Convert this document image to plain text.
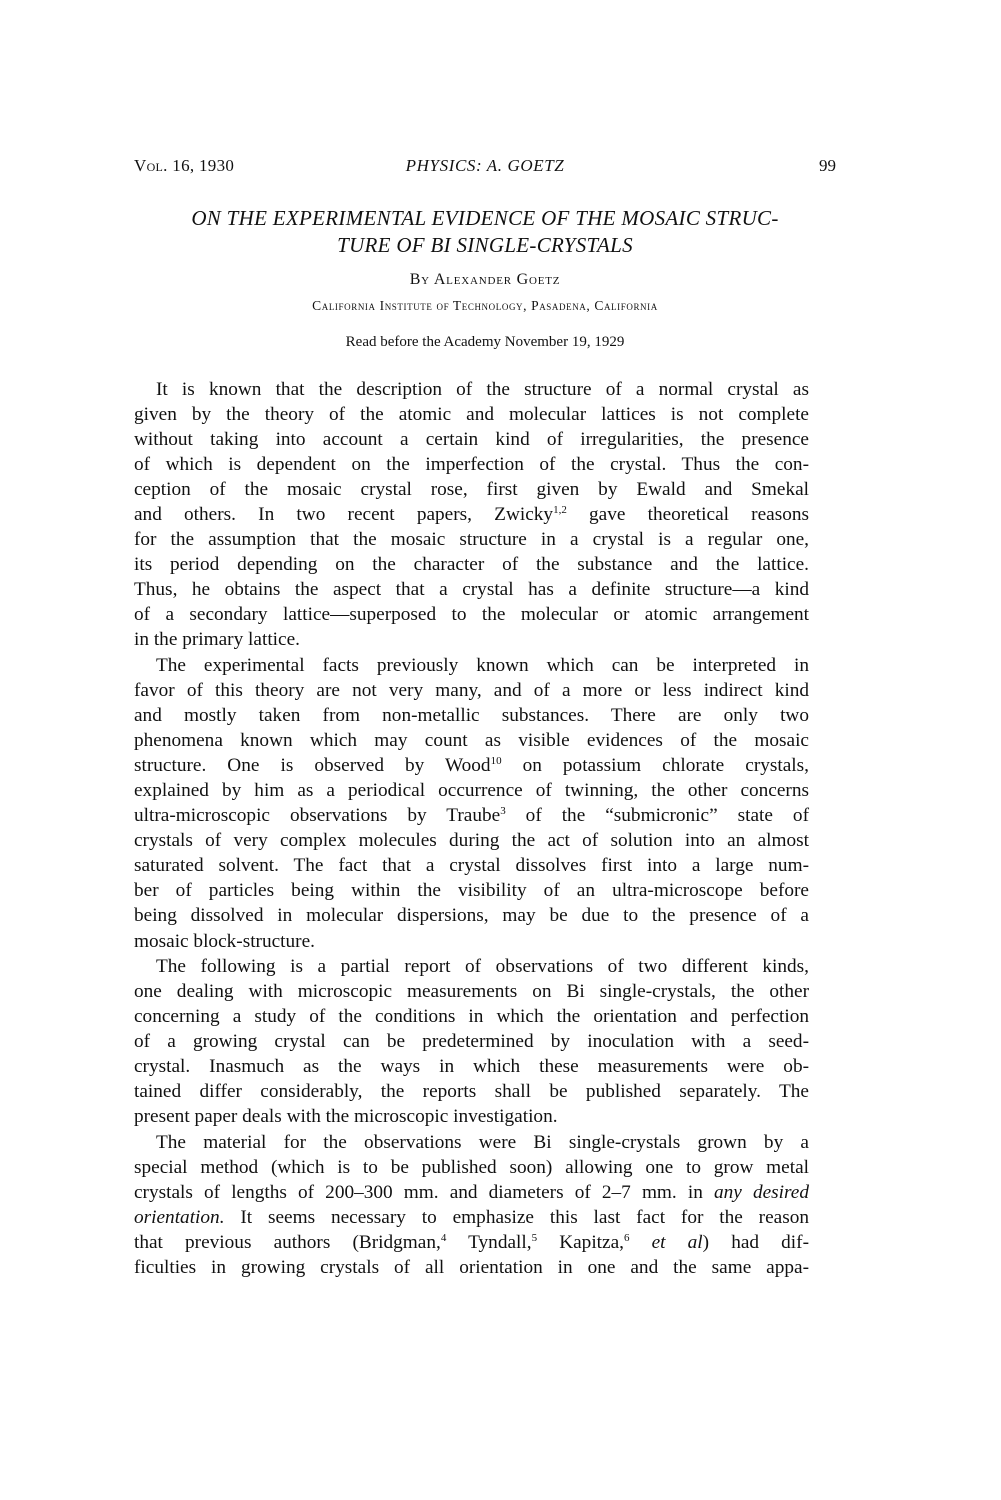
Vol. 16, 1930	PHYSICS: A. GOETZ	99
ON THE EXPERIMENTAL EVIDENCE OF THE MOSAIC STRUC-
TURE OF BI SINGLE-CRYSTALS
By Alexander Goetz
California Institute of Technology, Pasadena, California
Read before the Academy November 19, 1929

It is known that the description of the structure of a normal crystal as
given by the theory of the atomic and molecular lattices is not complete
without taking into account a certain kind of irregularities, the presence
of which is dependent on the imperfection of the crystal. Thus the con-
ception of the mosaic crystal rose, first given by Ewald and Smekal
and others. In two recent papers, Zwicky$^{1,2}$ gave theoretical reasons
for the assumption that the mosaic structure in a crystal is a regular one,
its period depending on the character of the substance and the lattice.
Thus, he obtains the aspect that a crystal has a definite structure—a kind
of a secondary lattice—superposed to the molecular or atomic arrangement
in the primary lattice.

The experimental facts previously known which can be interpreted in
favor of this theory are not very many, and of a more or less indirect kind
and mostly taken from non-metallic substances. There are only two
phenomena known which may count as visible evidences of the mosaic
structure. One is observed by Wood$^{10}$ on potassium chlorate crystals,
explained by him as a periodical occurrence of twinning, the other concerns
ultra-microscopic observations by Traube$^3$ of the “submicronic” state of
crystals of very complex molecules during the act of solution into an almost
saturated solvent. The fact that a crystal dissolves first into a large num-
ber of particles being within the visibility of an ultra-microscope before
being dissolved in molecular dispersions, may be due to the presence of a
mosaic block-structure.

The following is a partial report of observations of two different kinds,
one dealing with microscopic measurements on Bi single-crystals, the other
concerning a study of the conditions in which the orientation and perfection
of a growing crystal can be predetermined by inoculation with a seed-
crystal. Inasmuch as the ways in which these measurements were ob-
tained differ considerably, the reports shall be published separately. The
present paper deals with the microscopic investigation.

The material for the observations were Bi single-crystals grown by a
special method (which is to be published soon) allowing one to grow metal
crystals of lengths of 200–300 mm. and diameters of 2–7 mm. in any desired
orientation. It seems necessary to emphasize this last fact for the reason
that previous authors (Bridgman,$^4$ Tyndall,$^5$ Kapitza,$^6$ et al) had dif-
ficulties in growing crystals of all orientation in one and the same appa-
